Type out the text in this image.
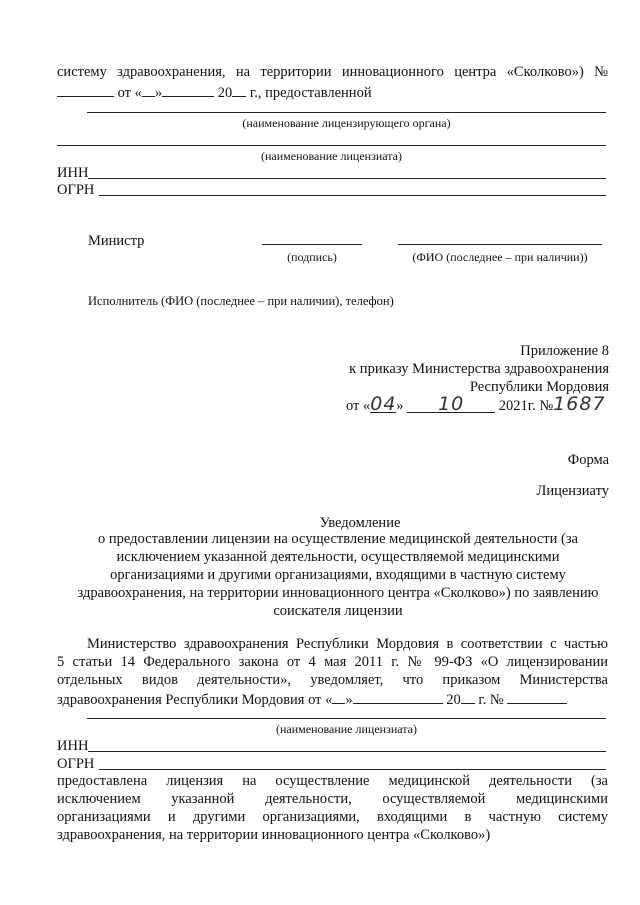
систему здравоохранения, на территории инновационного центра «Сколково») №
от « »	20 г., предоставленной
(наименование лицензирующего органа)
(наименование лицензиата)
ИНН
ОГРН
Министр
(подпись)	(ФИО (последнее – при наличии))
Исполнитель (ФИО (последнее – при наличии), телефон)
Приложение 8
к приказу Министерства здравоохранения
Республики Мордовия
от «04» 10 2021г. №1687
Форма
Лицензиату
Уведомление
о предоставлении лицензии на осуществление медицинской деятельности (за
исключением указанной деятельности, осуществляемой медицинскими
организациями и другими организациями, входящими в частную систему
здравоохранения, на территории инновационного центра «Сколково») по заявлению
соискателя лицензии
Министерство здравоохранения Республики Мордовия в соответствии с частью
5 статьи 14 Федерального закона от 4 мая 2011 г. № 99-ФЗ «О лицензировании
отдельных видов деятельности», уведомляет, что приказом Министерства
здравоохранения Республики Мордовия от « »	20 г. №
(наименование лицензиата)
ИНН
ОГРН
предоставлена лицензия на осуществление медицинской деятельности (за
исключением указанной деятельности, осуществляемой медицинскими
организациями и другими организациями, входящими в частную систему
здравоохранения, на территории инновационного центра «Сколково»)
